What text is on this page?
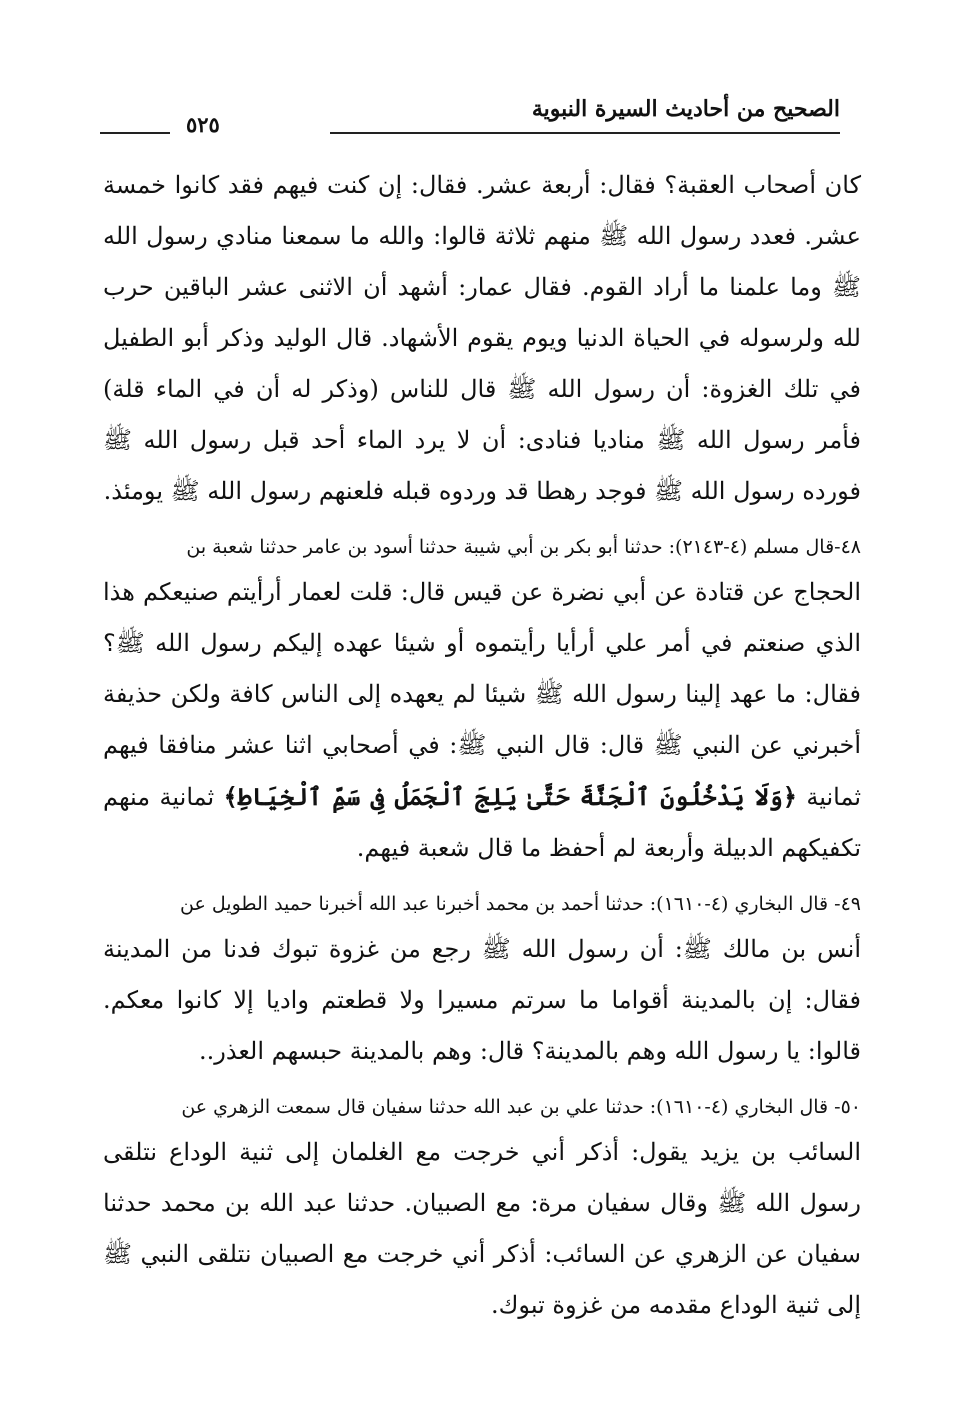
الصحيح من أحاديث السيرة النبوية
٥٢٥

كان أصحاب العقبة؟ فقال: أربعة عشر. فقال: إن كنت فيهم فقد كانوا خمسة عشر. فعدد رسول الله ﷺ منهم ثلاثة قالوا: والله ما سمعنا منادي رسول الله ﷺ وما علمنا ما أراد القوم. فقال عمار: أشهد أن الاثنى عشر الباقين حرب لله ولرسوله في الحياة الدنيا ويوم يقوم الأشهاد. قال الوليد وذكر أبو الطفيل في تلك الغزوة: أن رسول الله ﷺ قال للناس (وذكر له أن في الماء قلة) فأمر رسول الله ﷺ مناديا فنادى: أن لا يرد الماء أحد قبل رسول الله ﷺ فورده رسول الله ﷺ فوجد رهطا قد وردوه قبله فلعنهم رسول الله ﷺ يومئذ.

٤٨-قال مسلم (٤-٢١٤٣): حدثنا أبو بكر بن أبي شيبة حدثنا أسود بن عامر حدثنا شعبة بن

الحجاج عن قتادة عن أبي نضرة عن قيس قال: قلت لعمار أرأيتم صنيعكم هذا الذي صنعتم في أمر علي أرأيا رأيتموه أو شيئا عهده إليكم رسول الله ﷺ؟ فقال: ما عهد إلينا رسول الله ﷺ شيئا لم يعهده إلى الناس كافة ولكن حذيفة أخبرني عن النبي ﷺ قال: قال النبي ﷺ: في أصحابي اثنا عشر منافقا فيهم ثمانية ﴿وَلَا يَدْخُلُونَ ٱلْجَنَّةَ حَتَّىٰ يَلِجَ ٱلْجَمَلُ فِى سَمِّ ٱلْخِيَاطِ﴾ ثمانية منهم تكفيكهم الدبيلة وأربعة لم أحفظ ما قال شعبة فيهم.

٤٩- قال البخاري (٤-١٦١٠): حدثنا أحمد بن محمد أخبرنا عبد الله أخبرنا حميد الطويل عن

أنس بن مالك ﷺ: أن رسول الله ﷺ رجع من غزوة تبوك فدنا من المدينة فقال: إن بالمدينة أقواما ما سرتم مسيرا ولا قطعتم واديا إلا كانوا معكم. قالوا: يا رسول الله وهم بالمدينة؟ قال: وهم بالمدينة حبسهم العذر..

٥٠- قال البخاري (٤-١٦١٠): حدثنا علي بن عبد الله حدثنا سفيان قال سمعت الزهري عن

السائب بن يزيد يقول: أذكر أني خرجت مع الغلمان إلى ثنية الوداع نتلقى رسول الله ﷺ وقال سفيان مرة: مع الصبيان. حدثنا عبد الله بن محمد حدثنا سفيان عن الزهري عن السائب: أذكر أني خرجت مع الصبيان نتلقى النبي ﷺ إلى ثنية الوداع مقدمه من غزوة تبوك.
